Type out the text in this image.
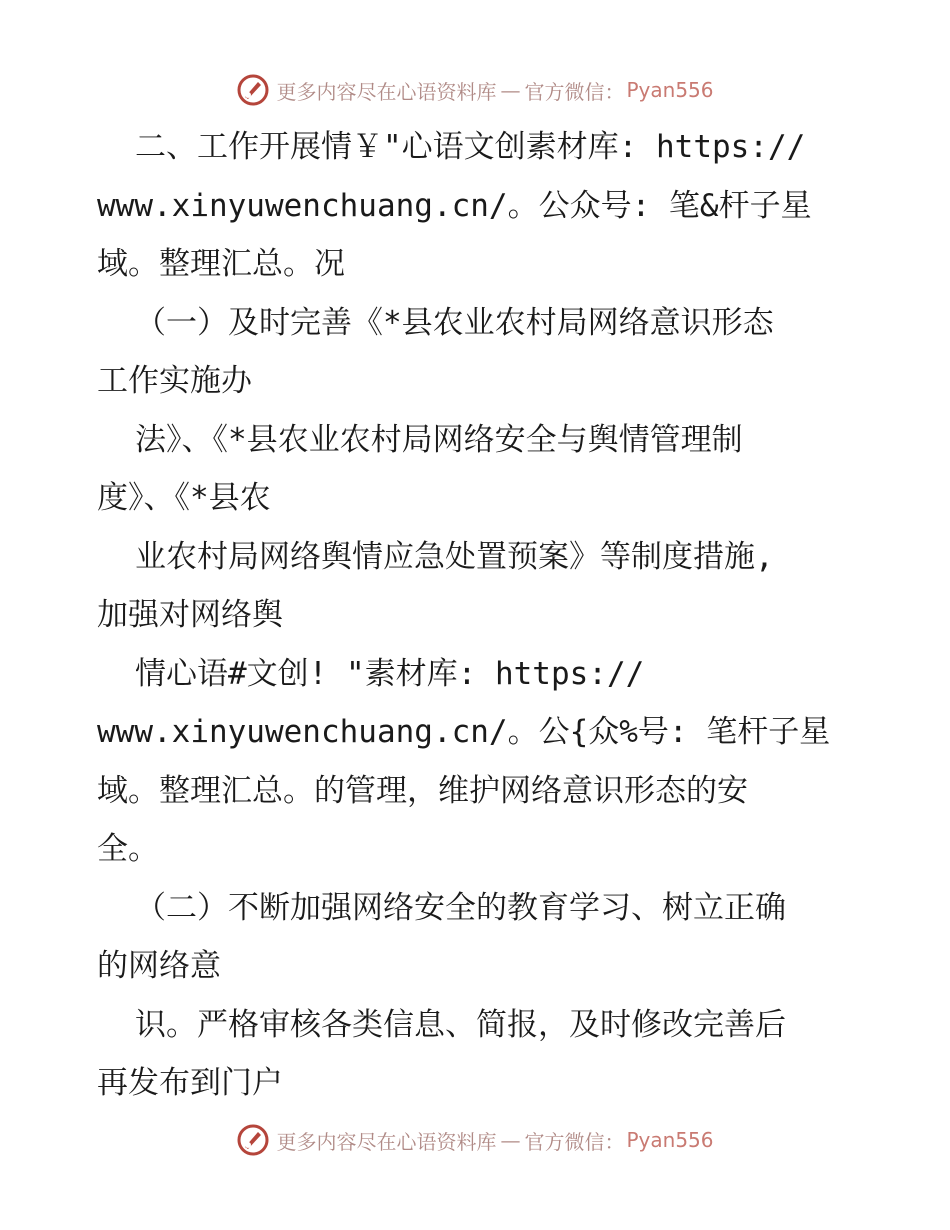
更多内容尽在心语资料库 — 官方微信： Pyan556
二、工作开展情￥"心语文创素材库: https://
www.xinyuwenchuang.cn/。公众号: 笔&杆子星
域。整理汇总。况
（一）及时完善《*县农业农村局网络意识形态
工作实施办
法》、《*县农业农村局网络安全与舆情管理制
度》、《*县农
业农村局网络舆情应急处置预案》等制度措施,
加强对网络舆
情心语#文创! "素材库: https://
www.xinyuwenchuang.cn/。公{众%号: 笔杆子星
域。整理汇总。的管理，维护网络意识形态的安
全。
（二）不断加强网络安全的教育学习、树立正确
的网络意
识。严格审核各类信息、简报，及时修改完善后
再发布到门户
更多内容尽在心语资料库 — 官方微信： Pyan556
